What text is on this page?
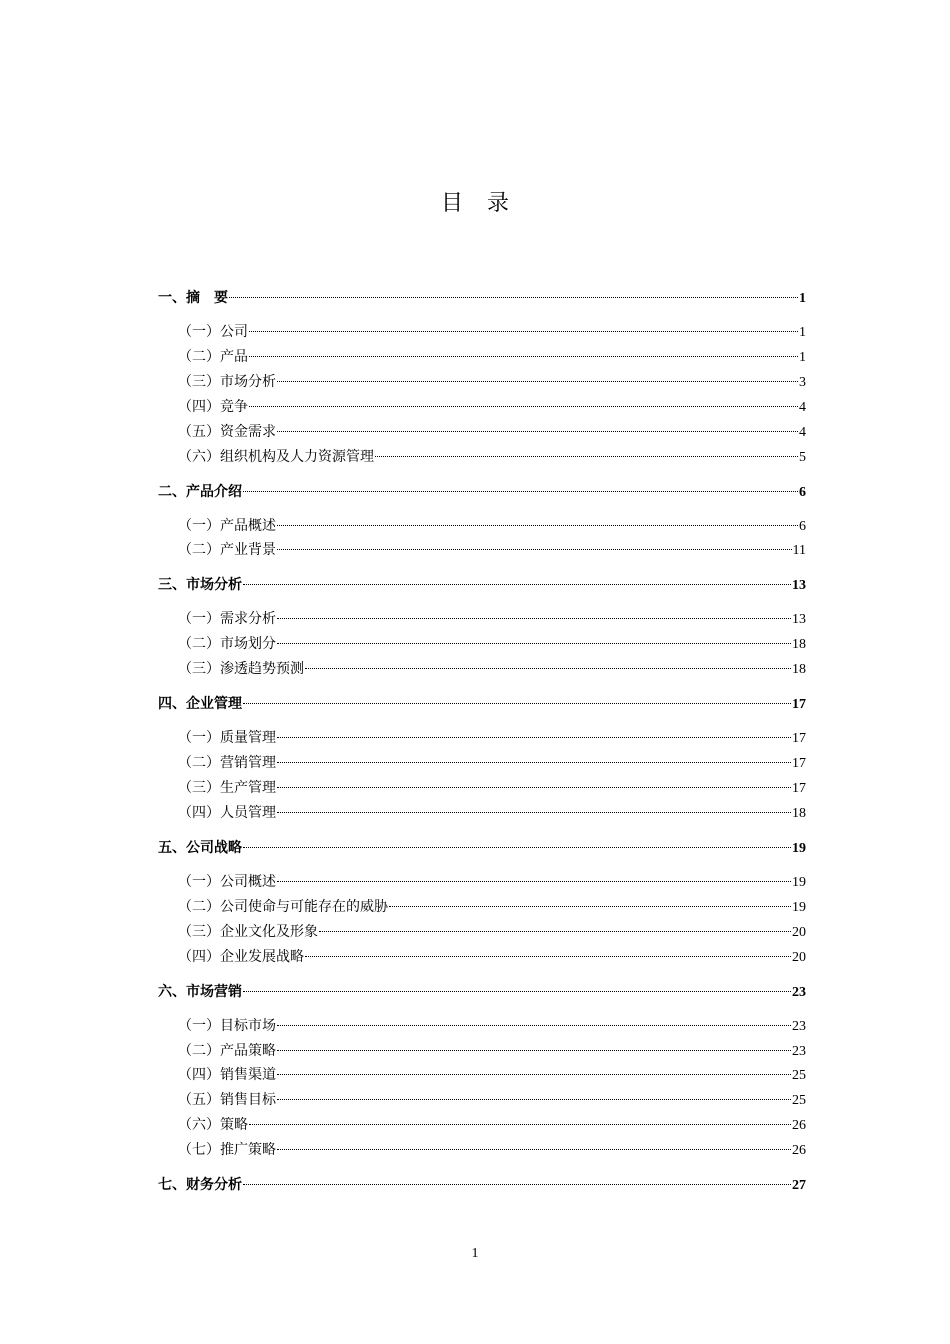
目 录
一、摘　要	1
（一）公司	1
（二）产品	1
（三）市场分析	3
（四）竞争	4
（五）资金需求	4
（六）组织机构及人力资源管理	5
二、产品介绍	6
（一）产品概述	6
（二）产业背景	11
三、市场分析	13
（一）需求分析	13
（二）市场划分	18
（三）渗透趋势预测	18
四、企业管理	17
（一）质量管理	17
（二）营销管理	17
（三）生产管理	17
（四）人员管理	18
五、公司战略	19
（一）公司概述	19
（二）公司使命与可能存在的威胁	19
（三）企业文化及形象	20
（四）企业发展战略	20
六、市场营销	23
（一）目标市场	23
（二）产品策略	23
（四）销售渠道	25
（五）销售目标	25
（六）策略	26
（七）推广策略	26
七、财务分析	27
1
